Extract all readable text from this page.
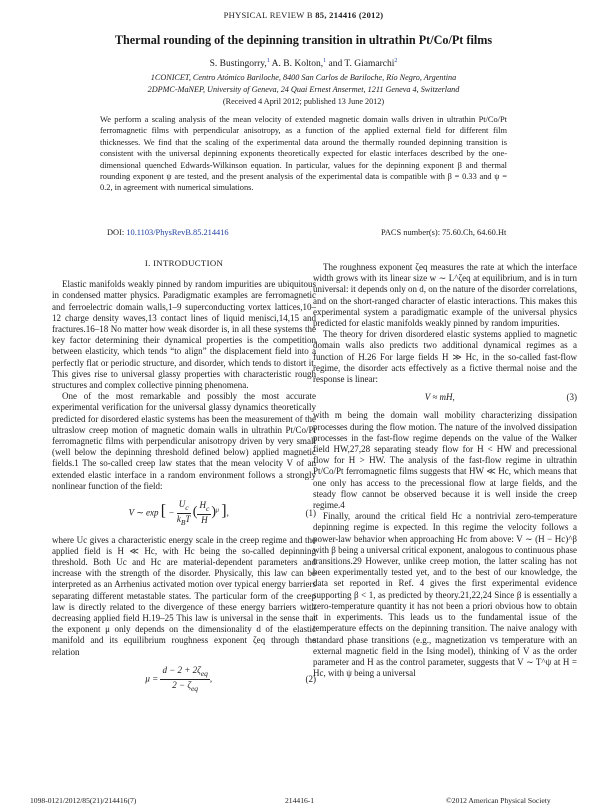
PHYSICAL REVIEW B 85, 214416 (2012)
Thermal rounding of the depinning transition in ultrathin Pt/Co/Pt films
S. Bustingorry,$^1$ A. B. Kolton,$^1$ and T. Giamarchi$^2$
1CONICET, Centro Atómico Bariloche, 8400 San Carlos de Bariloche, Río Negro, Argentina
2DPMC-MaNEP, University of Geneva, 24 Quai Ernest Ansermet, 1211 Geneva 4, Switzerland
(Received 4 April 2012; published 13 June 2012)
We perform a scaling analysis of the mean velocity of extended magnetic domain walls driven in ultrathin Pt/Co/Pt ferromagnetic films with perpendicular anisotropy, as a function of the applied external field for different film thicknesses. We find that the scaling of the experimental data around the thermally rounded depinning transition is consistent with the universal depinning exponents theoretically expected for elastic interfaces described by the one-dimensional quenched Edwards-Wilkinson equation. In particular, values for the depinning exponent β and thermal rounding exponent ψ are tested, and the present analysis of the experimental data is compatible with β = 0.33 and ψ = 0.2, in agreement with numerical simulations.
DOI: 10.1103/PhysRevB.85.214416	PACS number(s): 75.60.Ch, 64.60.Ht
I. INTRODUCTION

Elastic manifolds weakly pinned by random impurities are ubiquitous in condensed matter physics. Paradigmatic examples are ferromagnetic and ferroelectric domain walls,1–9 superconducting vortex lattices,10–12 charge density waves,13 contact lines of liquid menisci,14,15 and fractures.16–18 No matter how weak disorder is, in all these systems the key factor determining their dynamical properties is the competition between elasticity, which tends “to align” the displacement field into a perfectly flat or periodic structure, and disorder, which tends to distort it. This gives rise to universal glassy properties with characteristic rough structures and complex collective pinning phenomena.

One of the most remarkable and possibly the most accurate experimental verification for the universal glassy dynamics theoretically predicted for disordered elastic systems has been the measurement of the ultraslow creep motion of magnetic domain walls in ultrathin Pt/Co/Pt ferromagnetic films with perpendicular anisotropy driven by very small (well below the depinning threshold defined below) applied magnetic fields.1 The so-called creep law states that the mean velocity V of an extended elastic interface in a random environment follows a strongly nonlinear function of the field:

V ∼ exp [ − $\frac{U_c}{k_BT}$ ( $\frac{H_c}{H} )^\mu$ ],	(1)

where Uc gives a characteristic energy scale in the creep regime and the applied field is H ≪ Hc, with Hc being the so-called depinning threshold. Both Uc and Hc are material-dependent parameters and increase with the strength of the disorder. Physically, this law can be interpreted as an Arrhenius activated motion over typical energy barriers separating different metastable states. The particular form of the creep law is directly related to the divergence of these energy barriers with decreasing applied field H.19–25 This law is universal in the sense that the exponent μ only depends on the dimensionality d of the elastic manifold and its equilibrium roughness exponent ζeq through the relation

$\mu = \frac{d - 2 + 2\zeta_{eq}}{2 - \zeta_{eq}}$ ,	(2)

The roughness exponent ζeq measures the rate at which the interface width grows with its linear size w ∼ L^ζeq at equilibrium, and is in turn universal: it depends only on d, on the nature of the disorder correlations, and on the short-ranged character of elastic interactions. This makes this experimental system a paradigmatic example of the universal physics predicted for elastic manifolds weakly pinned by random impurities.

The theory for driven disordered elastic systems applied to magnetic domain walls also predicts two additional dynamical regimes as a function of H.26 For large fields H ≫ Hc, in the so-called fast-flow regime, the disorder acts effectively as a fictive thermal noise and the response is linear:

V ≈ mH,	(3)

with m being the domain wall mobility characterizing dissipation processes during the flow motion. The nature of the involved dissipation processes in the fast-flow regime depends on the value of the Walker field HW,27,28 separating steady flow for H < HW and precessional flow for H > HW. The analysis of the fast-flow regime in ultrathin Pt/Co/Pt ferromagnetic films suggests that HW ≪ Hc, which means that one only has access to the precessional flow at large fields, and the steady flow cannot be observed because it is well inside the creep regime.4

Finally, around the critical field Hc a nontrivial zero-temperature depinning regime is expected. In this regime the velocity follows a power-law behavior when approaching Hc from above: V ∼ (H − Hc)^β with β being a universal critical exponent, analogous to continuous phase transitions.29 However, unlike creep motion, the latter scaling has not been experimentally tested yet, and to the best of our knowledge, the data set reported in Ref. 4 gives the first experimental evidence supporting β < 1, as predicted by theory.21,22,24 Since β is essentially a zero-temperature quantity it has not been a priori obvious how to obtain it in experiments. This leads us to the fundamental issue of the temperature effects on the depinning transition. The naive analogy with standard phase transitions (e.g., magnetization vs temperature with an external magnetic field in the Ising model), thinking of V as the order parameter and H as the control parameter, suggests that V ∼ T^ψ at H = Hc, with ψ being a universal

1098-0121/2012/85(21)/214416(7)	214416-1	©2012 American Physical Society
